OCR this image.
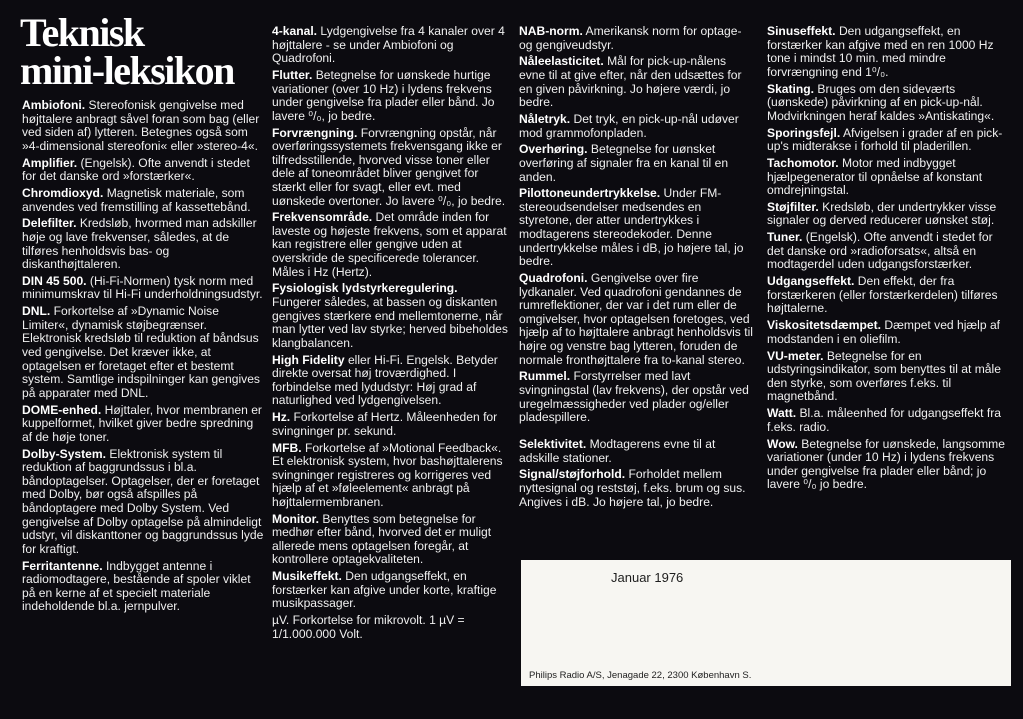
Teknisk
mini-leksikon
Ambiofoni. Stereofonisk gengivelse med højttalere anbragt såvel foran som bag (eller ved siden af) lytteren. Betegnes også som »4-dimensional stereofoni« eller »stereo-4«.
Amplifier. (Engelsk). Ofte anvendt i stedet for det danske ord »forstærker«.
Chromdioxyd. Magnetisk materiale, som anvendes ved fremstilling af kassettebånd.
Delefilter. Kredsløb, hvormed man adskiller høje og lave frekvenser, således, at de tilføres henholdsvis bas- og diskanthøjttaleren.
DIN 45 500. (Hi-Fi-Normen) tysk norm med minimumskrav til Hi-Fi underholdningsudstyr.
DNL. Forkortelse af »Dynamic Noise Limiter«, dynamisk støjbegrænser. Elektronisk kredsløb til reduktion af båndsus ved gengivelse. Det kræver ikke, at optagelsen er foretaget efter et bestemt system. Samtlige indspilninger kan gengives på apparater med DNL.
DOME-enhed. Højttaler, hvor membranen er kuppelformet, hvilket giver bedre spredning af de høje toner.
Dolby-System. Elektronisk system til reduktion af baggrundssus i bl.a. båndoptagelser. Optagelser, der er foretaget med Dolby, bør også afspilles på båndoptagere med Dolby System. Ved gengivelse af Dolby optagelse på almindeligt udstyr, vil diskanttoner og baggrundssus lyde for kraftigt.
Ferritantenne. Indbygget antenne i radiomodtagere, bestående af spoler viklet på en kerne af et specielt materiale indeholdende bl.a. jernpulver.
4-kanal. Lydgengivelse fra 4 kanaler over 4 højttalere - se under Ambiofoni og Quadrofoni.
Flutter. Betegnelse for uønskede hurtige variationer (over 10 Hz) i lydens frekvens under gengivelse fra plader eller bånd. Jo lavere ⁰/₀, jo bedre.
Forvrængning. Forvrængning opstår, når overføringssystemets frekvensgang ikke er tilfredsstillende, hvorved visse toner eller dele af toneområdet bliver gengivet for stærkt eller for svagt, eller evt. med uønskede overtoner. Jo lavere ⁰/₀, jo bedre.
Frekvensområde. Det område inden for laveste og højeste frekvens, som et apparat kan registrere eller gengive uden at overskride de specificerede tolerancer. Måles i Hz (Hertz).
Fysiologisk lydstyrkeregulering. Fungerer således, at bassen og diskanten gengives stærkere end mellemtonerne, når man lytter ved lav styrke; herved bibeholdes klangbalancen.
High Fidelity eller Hi-Fi. Engelsk. Betyder direkte oversat høj troværdighed. I forbindelse med lydudstyr: Høj grad af naturlighed ved lydgengivelsen.
Hz. Forkortelse af Hertz. Måleenheden for svingninger pr. sekund.
MFB. Forkortelse af »Motional Feedback«. Et elektronisk system, hvor bashøjttalerens svingninger registreres og korrigeres ved hjælp af et »føleelement« anbragt på højttalermembranen.
Monitor. Benyttes som betegnelse for medhør efter bånd, hvorved det er muligt allerede mens optagelsen foregår, at kontrollere optagekvaliteten.
Musikeffekt. Den udgangseffekt, en forstærker kan afgive under korte, kraftige musikpassager.
µV. Forkortelse for mikrovolt. 1 µV = 1/1.000.000 Volt.
NAB-norm. Amerikansk norm for optage- og gengiveudstyr.
Nåleelasticitet. Mål for pick-up-nålens evne til at give efter, når den udsættes for en given påvirkning. Jo højere værdi, jo bedre.
Nåletryk. Det tryk, en pick-up-nål udøver mod grammofonpladen.
Overhøring. Betegnelse for uønsket overføring af signaler fra en kanal til en anden.
Pilottoneundertrykkelse. Under FM-stereoudsendelser medsendes en styretone, der atter undertrykkes i modtagerens stereodekoder. Denne undertrykkelse måles i dB, jo højere tal, jo bedre.
Quadrofoni. Gengivelse over fire lydkanaler. Ved quadrofoni gendannes de rumreflektioner, der var i det rum eller de omgivelser, hvor optagelsen foretoges, ved hjælp af to højttalere anbragt henholdsvis til højre og venstre bag lytteren, foruden de normale fronthøjttalere fra to-kanal stereo.
Rummel. Forstyrrelser med lavt svingningstal (lav frekvens), der opstår ved uregelmæssigheder ved plader og/eller pladespillere.
Selektivitet. Modtagerens evne til at adskille stationer.
Signal/støjforhold. Forholdet mellem nyttesignal og reststøj, f.eks. brum og sus. Angives i dB. Jo højere tal, jo bedre.
Sinuseffekt. Den udgangseffekt, en forstærker kan afgive med en ren 1000 Hz tone i mindst 10 min. med mindre forvrængning end 1⁰/₀.
Skating. Bruges om den sideværts (uønskede) påvirkning af en pick-up-nål. Modvirkningen heraf kaldes »Antiskating«.
Sporingsfejl. Afvigelsen i grader af en pick-up's midterakse i forhold til pladerillen.
Tachomotor. Motor med indbygget hjælpegenerator til opnåelse af konstant omdrejningstal.
Støjfilter. Kredsløb, der undertrykker visse signaler og derved reducerer uønsket støj.
Tuner. (Engelsk). Ofte anvendt i stedet for det danske ord »radioforsats«, altså en modtagerdel uden udgangsforstærker.
Udgangseffekt. Den effekt, der fra forstærkeren (eller forstærkerdelen) tilføres højttalerne.
Viskositetsdæmpet. Dæmpet ved hjælp af modstanden i en oliefilm.
VU-meter. Betegnelse for en udstyringsindikator, som benyttes til at måle den styrke, som overføres f.eks. til magnetbånd.
Watt. Bl.a. måleenhed for udgangseffekt fra f.eks. radio.
Wow. Betegnelse for uønskede, langsomme variationer (under 10 Hz) i lydens frekvens under gengivelse fra plader eller bånd; jo lavere ⁰/₀ jo bedre.
Januar 1976
Philips Radio A/S, Jenagade 22, 2300 København S.
